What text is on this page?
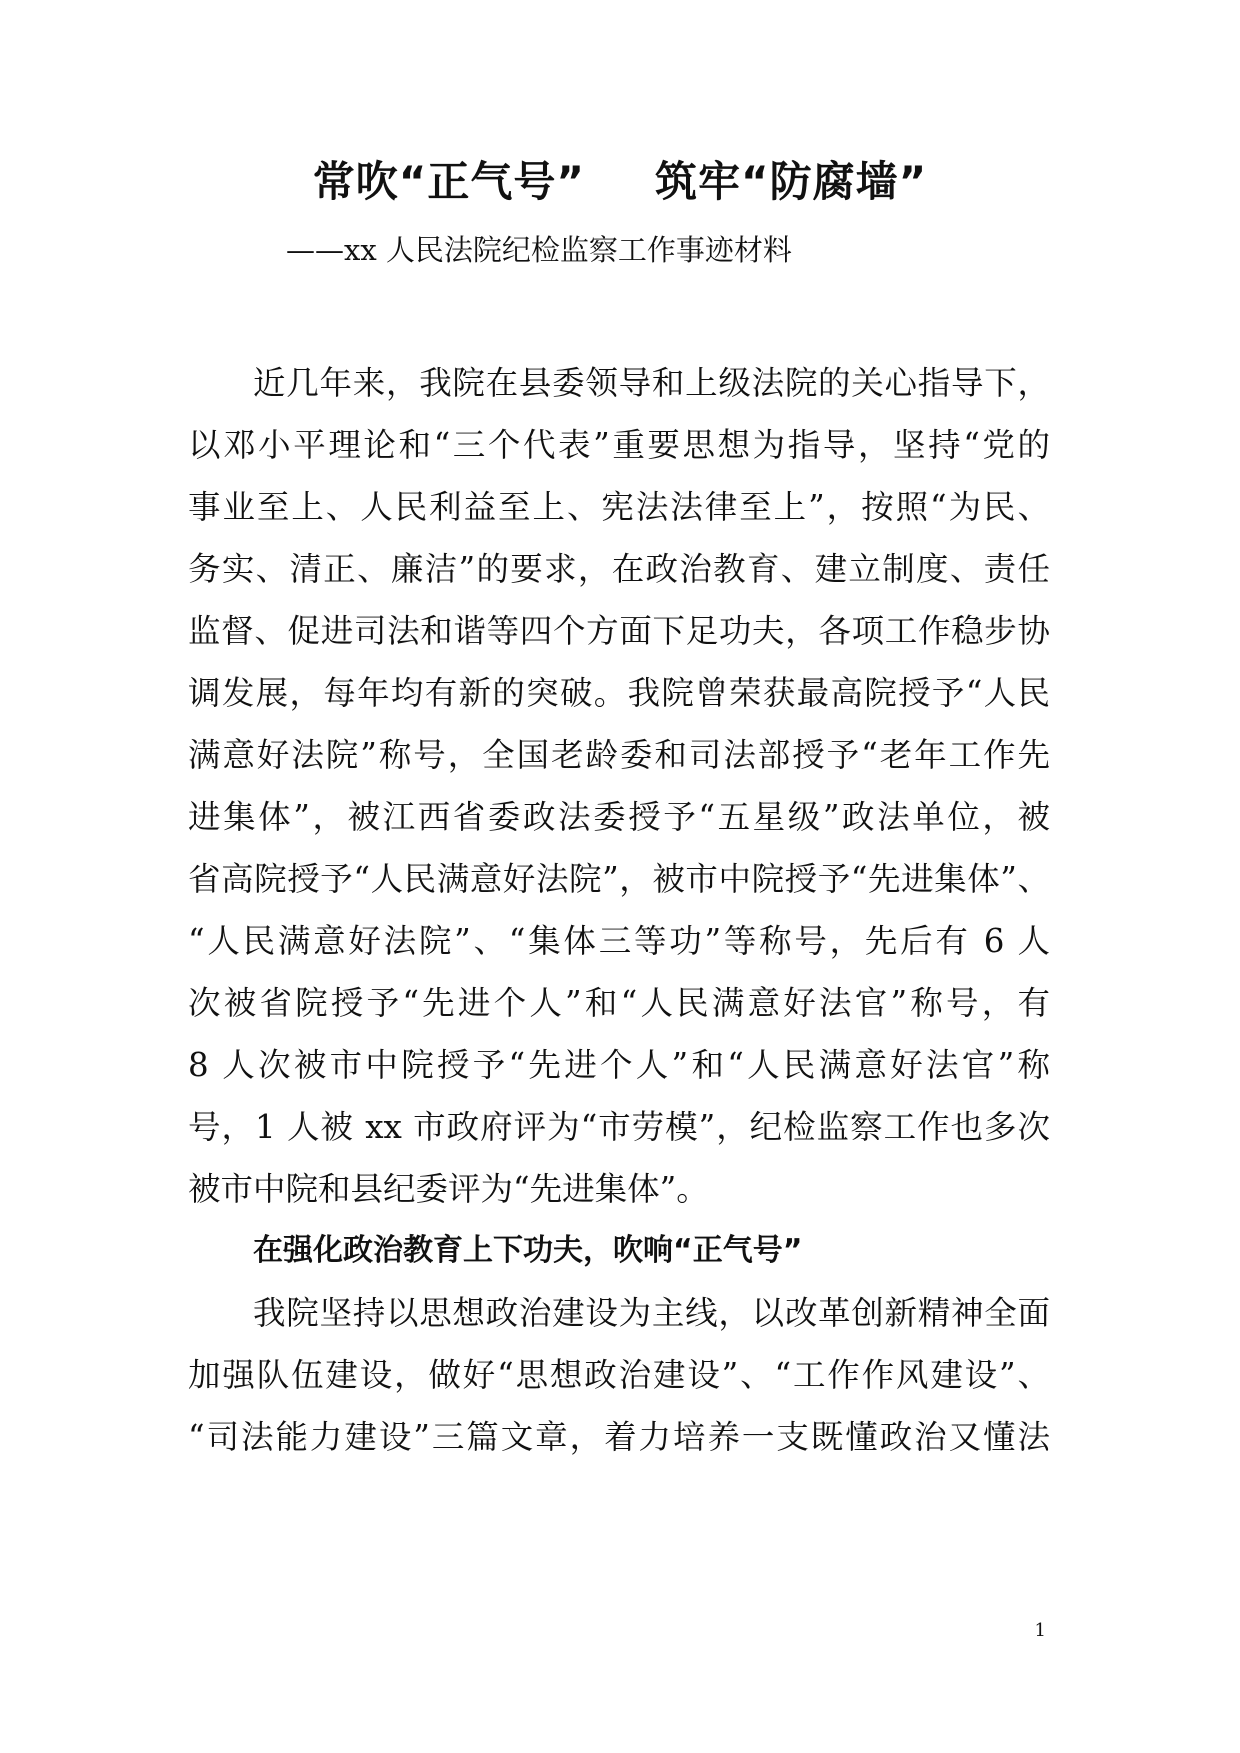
常吹“正气号” 筑牢“防腐墙”
——xx 人民法院纪检监察工作事迹材料
近几年来，我院在县委领导和上级法院的关心指导下，
以邓小平理论和“三个代表”重要思想为指导，坚持“党的
事业至上、人民利益至上、宪法法律至上”，按照“为民、
务实、清正、廉洁”的要求，在政治教育、建立制度、责任
监督、促进司法和谐等四个方面下足功夫，各项工作稳步协
调发展，每年均有新的突破。我院曾荣获最高院授予“人民
满意好法院”称号，全国老龄委和司法部授予“老年工作先
进集体”，被江西省委政法委授予“五星级”政法单位，被
省高院授予“人民满意好法院”，被市中院授予“先进集体”、
“人民满意好法院”、“集体三等功”等称号，先后有 6 人
次被省院授予“先进个人”和“人民满意好法官”称号，有
8 人次被市中院授予“先进个人”和“人民满意好法官”称
号，1 人被 xx 市政府评为“市劳模”，纪检监察工作也多次
被市中院和县纪委评为“先进集体”。
在强化政治教育上下功夫，吹响“正气号”
我院坚持以思想政治建设为主线，以改革创新精神全面
加强队伍建设，做好“思想政治建设”、“工作作风建设”、
“司法能力建设”三篇文章，着力培养一支既懂政治又懂法
1
